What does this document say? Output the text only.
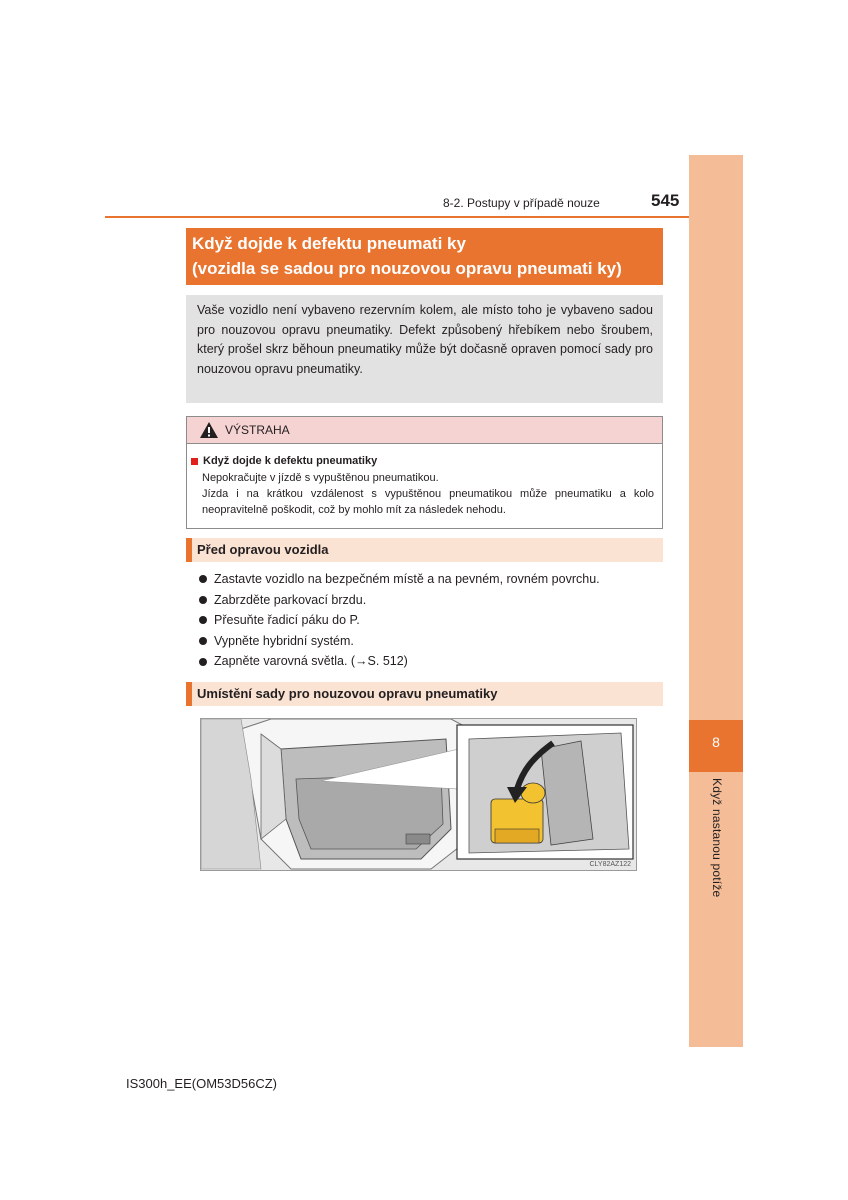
8
Když nastanou potíže
8-2. Postupy v případě nouze	545
Když dojde k defektu pneumati ky
(vozidla se sadou pro nouzovou opravu pneumati ky)
Vaše vozidlo není vybaveno rezervním kolem, ale místo toho je vybaveno sadou pro nouzovou opravu pneumatiky. Defekt způsobený hřebíkem nebo šroubem, který prošel skrz běhoun pneumatiky může být dočasně opraven pomocí sady pro nouzovou opravu pneumatiky.
VÝSTRAHA
Když dojde k defektu pneumatiky
Nepokračujte v jízdě s vypuštěnou pneumatikou.
Jízda i na krátkou vzdálenost s vypuštěnou pneumatikou může pneumatiku a kolo neopravitelně poškodit, což by mohlo mít za následek nehodu.
Před opravou vozidla
Zastavte vozidlo na bezpečném místě a na pevném, rovném povrchu.
Zabrzděte parkovací brzdu.
Přesuňte řadicí páku do P.
Vypněte hybridní systém.
Zapněte varovná světla. (→S. 512)
Umístění sady pro nouzovou opravu pneumatiky
CLY82AZ122
IS300h_EE(OM53D56CZ)
